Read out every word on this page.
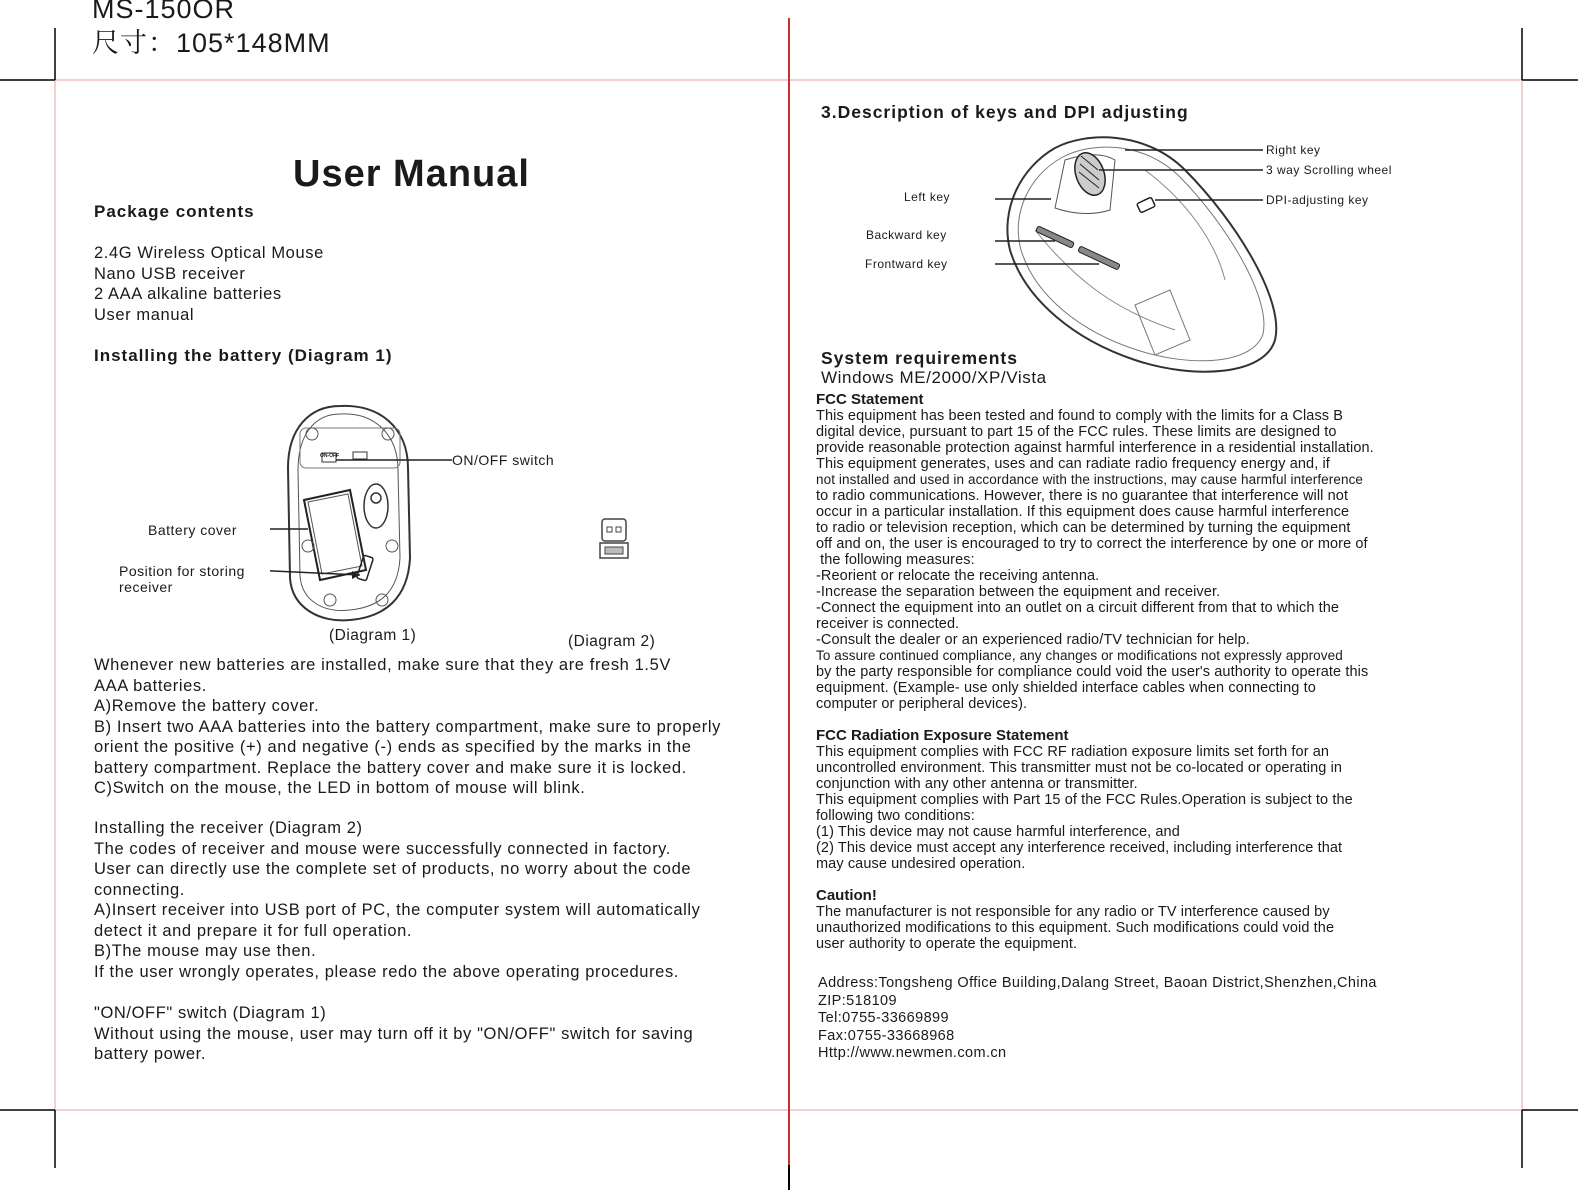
MS-150OR
尺寸：105*148MM
User Manual
Package contents
2.4G Wireless Optical Mouse
Nano USB receiver
2 AAA alkaline batteries
User manual
Installing the battery (Diagram 1)
ON-OFF	ON/OFF switch
Battery cover
Position for storing
receiver
(Diagram 1)	(Diagram 2)
Whenever new batteries are installed, make sure that they are fresh 1.5V
AAA batteries.
A)Remove the battery cover.
B) Insert two AAA batteries into the battery compartment, make sure to properly
orient the positive (+) and negative (-) ends as specified by the marks in the
battery compartment. Replace the battery cover and make sure it is locked.
C)Switch on the mouse, the LED in bottom of mouse will blink.
Installing the receiver (Diagram 2)
The codes of receiver and mouse were successfully connected in factory.
User can directly use the complete set of products, no worry about the code
connecting.
A)Insert receiver into USB port of PC, the computer system will automatically
detect it and prepare it for full operation.
B)The mouse may use then.
If the user wrongly operates, please redo the above operating procedures.
"ON/OFF" switch (Diagram 1)
Without using the mouse, user may turn off it by "ON/OFF" switch for saving
battery power.
3.Description of keys and DPI adjusting
Right key
3 way Scrolling wheel
Left key	DPI-adjusting key
Backward key
Frontward key
System requirements
Windows ME/2000/XP/Vista
FCC Statement
This equipment has been tested and found to comply with the limits for a Class B
digital device, pursuant to part 15 of the FCC rules. These limits are designed to
provide reasonable protection against harmful interference in a residential installation.
This equipment generates, uses and can radiate radio frequency energy and, if
not installed and used in accordance with the instructions, may cause harmful interference
to radio communications. However, there is no guarantee that interference will not
occur in a particular installation. If this equipment does cause harmful interference
to radio or television reception, which can be determined by turning the equipment
off and on, the user is encouraged to try to correct the interference by one or more of
the following measures:
-Reorient or relocate the receiving antenna.
-Increase the separation between the equipment and receiver.
-Connect the equipment into an outlet on a circuit different from that to which the
receiver is connected.
-Consult the dealer or an experienced radio/TV technician for help.
To assure continued compliance, any changes or modifications not expressly approved
by the party responsible for compliance could void the user's authority to operate this
equipment. (Example- use only shielded interface cables when connecting to
computer or peripheral devices).
FCC Radiation Exposure Statement
This equipment complies with FCC RF radiation exposure limits set forth for an
uncontrolled environment. This transmitter must not be co-located or operating in
conjunction with any other antenna or transmitter.
This equipment complies with Part 15 of the FCC Rules.Operation is subject to the
following two conditions:
(1) This device may not cause harmful interference, and
(2) This device must accept any interference received, including interference that
may cause undesired operation.
Caution!
The manufacturer is not responsible for any radio or TV interference caused by
unauthorized modifications to this equipment. Such modifications could void the
user authority to operate the equipment.
Address:Tongsheng Office Building,Dalang Street, Baoan District,Shenzhen,China
ZIP:518109
Tel:0755-33669899
Fax:0755-33668968
Http://www.newmen.com.cn
